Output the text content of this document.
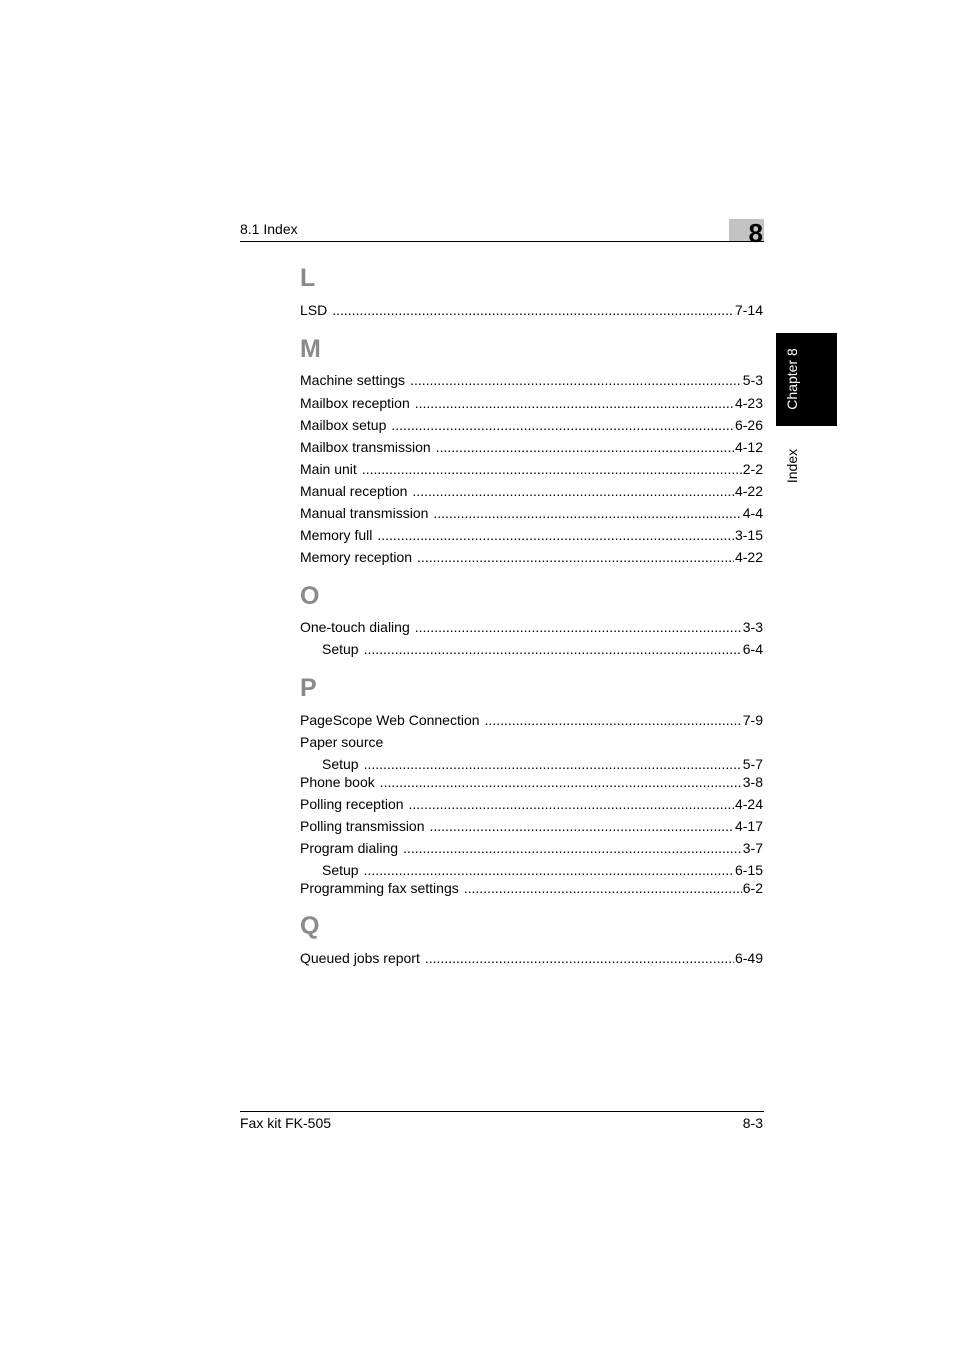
8.1 Index	8
Chapter 8
Index
L
LSD .....	7-14
M
Machine settings .....	5-3
Mailbox reception .....	4-23
Mailbox setup .....	6-26
Mailbox transmission .....	4-12
Main unit .....	2-2
Manual reception .....	4-22
Manual transmission .....	4-4
Memory full .....	3-15
Memory reception .....	4-22
O
One-touch dialing .....	3-3
Setup .....	6-4
P
PageScope Web Connection .....	7-9
Paper source
Setup .....	5-7
Phone book .....	3-8
Polling reception .....	4-24
Polling transmission .....	4-17
Program dialing .....	3-7
Setup .....	6-15
Programming fax settings .....	6-2
Q
Queued jobs report .....	6-49
Fax kit FK-505	8-3
